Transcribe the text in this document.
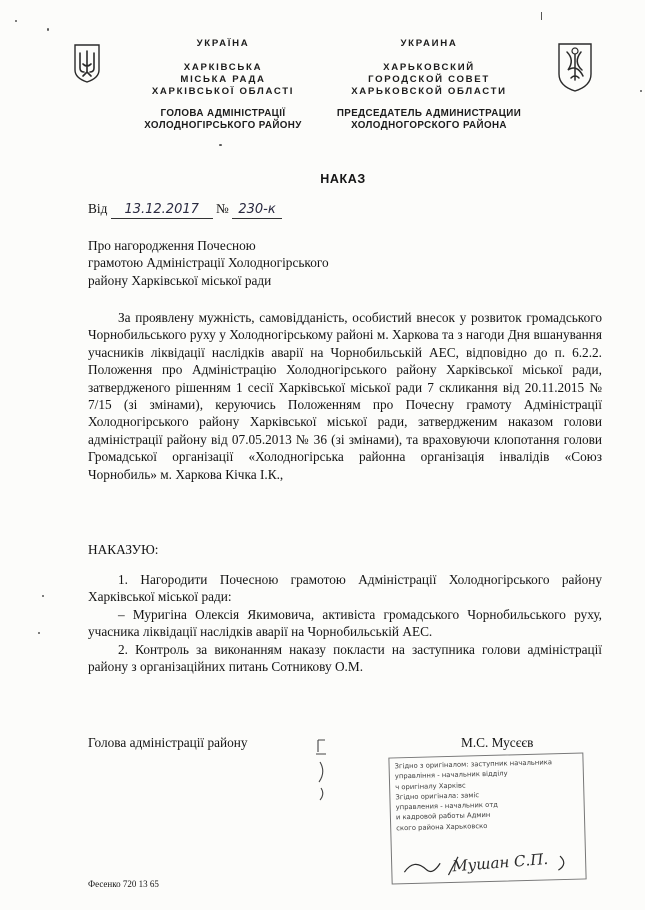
УКРАЇНА
ХАРКІВСЬКА
МІСЬКА РАДА
ХАРКІВСЬКОЇ ОБЛАСТІ
ГОЛОВА АДМІНІСТРАЦІЇ
ХОЛОДНОГІРСЬКОГО РАЙОНУ
УКРАИНА
ХАРЬКОВСКИЙ
ГОРОДСКОЙ СОВЕТ
ХАРЬКОВСКОЙ ОБЛАСТИ
ПРЕДСЕДАТЕЛЬ АДМИНИСТРАЦИИ
ХОЛОДНОГОРСКОГО РАЙОНА
НАКАЗ
Від 13.12.2017 № 230-к
Про нагородження Почесною
грамотою Адміністрації Холодногірського
району Харківської міської ради
За проявлену мужність, самовідданість, особистий внесок у розвиток громадського Чорнобильського руху у Холодногірському районі м. Харкова та з нагоди Дня вшанування учасників ліквідації наслідків аварії на Чорнобильській АЕС, відповідно до п. 6.2.2. Положення про Адміністрацію Холодногірського району Харківської міської ради, затвердженого рішенням 1 сесії Харківської міської ради 7 скликання від 20.11.2015 № 7/15 (зі змінами), керуючись Положенням про Почесну грамоту Адміністрації Холодногірського району Харківської міської ради, затвердженим наказом голови адміністрації району від 07.05.2013 № 36 (зі змінами), та враховуючи клопотання голови Громадської організації «Холодногірська районна організація інвалідів «Союз Чорнобиль» м. Харкова Кічка І.К.,
НАКАЗУЮ:
1. Нагородити Почесною грамотою Адміністрації Холодногірського району Харківської міської ради:
– Муригіна Олексія Якимовича, активіста громадського Чорнобильського руху, учасника ліквідації наслідків аварії на Чорнобильській АЕС.
2. Контроль за виконанням наказу покласти на заступника голови адміністрації району з організаційних питань Сотникову О.М.
Голова адміністрації району	М.С. Мусєєв
Згідно з оригіналом: заступник начальника
управління - начальник відділу
ч оригіналу Харківс
Згідно оригінала: заміс
управления - начальник отд
и кадровой работы Админ
ского района Харьковско
Мушан С.П.
Фесенко 720 13 65
